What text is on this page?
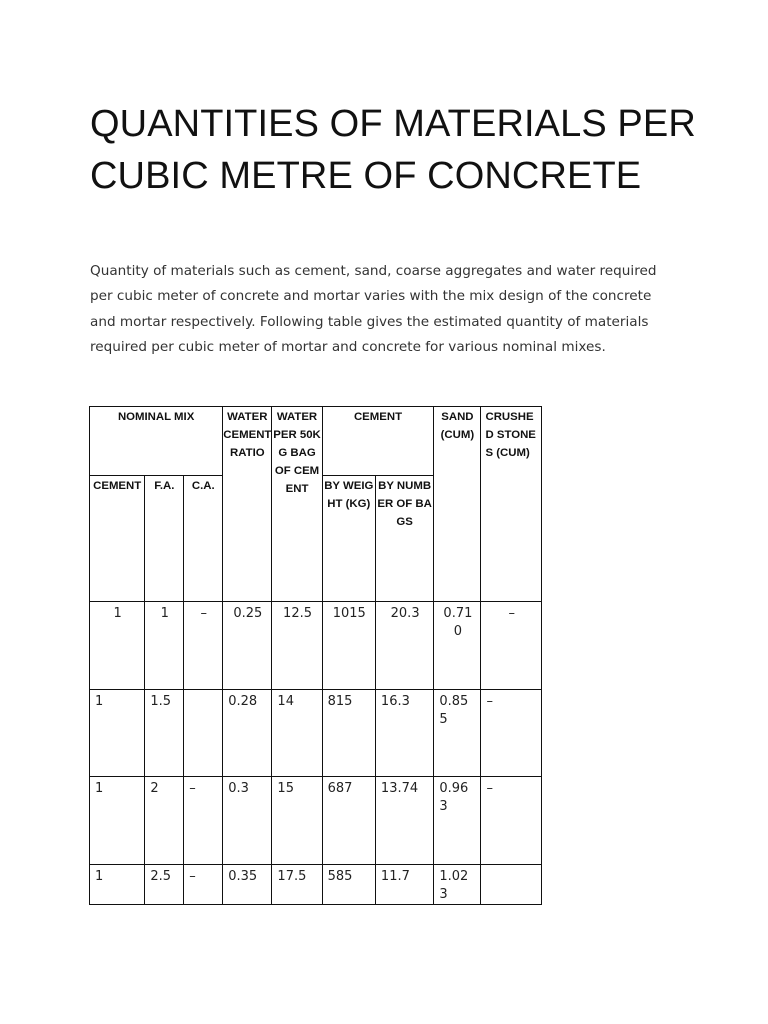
QUANTITIES OF MATERIALS PER CUBIC METRE OF CONCRETE

Quantity of materials such as cement, sand, coarse aggregates and water required per cubic meter of concrete and mortar varies with the mix design of the concrete and mortar respectively. Following table gives the estimated quantity of materials required per cubic meter of mortar and concrete for various nominal mixes.

NOMINAL MIX			WATER CEMENT RATIO	WATER PER 50KG BAG OF CEMENT	CEMENT		SAND (CUM)	CRUSHED STONES (CUM)
CEMENT	F.A.	C.A.			BY WEIGHT (KG)	BY NUMBER OF BAGS		
1	1	–	0.25	12.5	1015	20.3	0.710	–
1	1.5		0.28	14	815	16.3	0.855	–
1	2	–	0.3	15	687	13.74	0.963	–
1	2.5	–	0.35	17.5	585	11.7	1.023	
